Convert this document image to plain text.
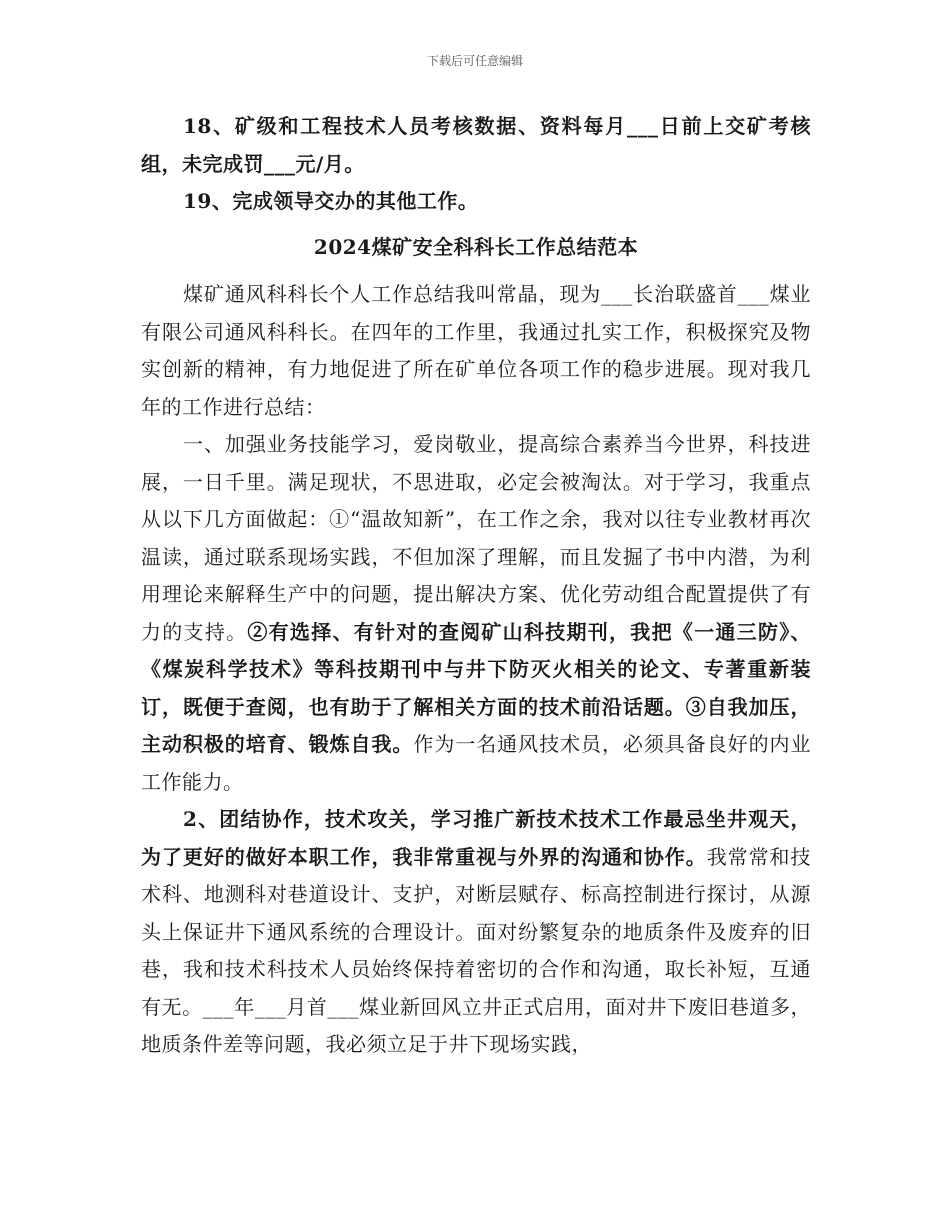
下载后可任意编辑

18、矿级和工程技术人员考核数据、资料每月___日前上交矿考核组，未完成罚___元/月。

19、完成领导交办的其他工作。

2024煤矿安全科科长工作总结范本

煤矿通风科科长个人工作总结我叫常晶，现为___长治联盛首___煤业有限公司通风科科长。在四年的工作里，我通过扎实工作，积极探究及物实创新的精神，有力地促进了所在矿单位各项工作的稳步进展。现对我几年的工作进行总结：

一、加强业务技能学习，爱岗敬业，提高综合素养当今世界，科技进展，一日千里。满足现状，不思进取，必定会被淘汰。对于学习，我重点从以下几方面做起：①“温故知新”，在工作之余，我对以往专业教材再次温读，通过联系现场实践，不但加深了理解，而且发掘了书中内潜，为利用理论来解释生产中的问题，提出解决方案、优化劳动组合配置提供了有力的支持。②有选择、有针对的查阅矿山科技期刊，我把《一通三防》、《煤炭科学技术》等科技期刊中与井下防灭火相关的论文、专著重新装订，既便于查阅，也有助于了解相关方面的技术前沿话题。③自我加压，主动积极的培育、锻炼自我。作为一名通风技术员，必须具备良好的内业工作能力。

2、团结协作，技术攻关，学习推广新技术技术工作最忌坐井观天，为了更好的做好本职工作，我非常重视与外界的沟通和协作。我常常和技术科、地测科对巷道设计、支护，对断层赋存、标高控制进行探讨，从源头上保证井下通风系统的合理设计。面对纷繁复杂的地质条件及废弃的旧巷，我和技术科技术人员始终保持着密切的合作和沟通，取长补短，互通有无。___年___月首___煤业新回风立井正式启用，面对井下废旧巷道多，地质条件差等问题，我必须立足于井下现场实践，
